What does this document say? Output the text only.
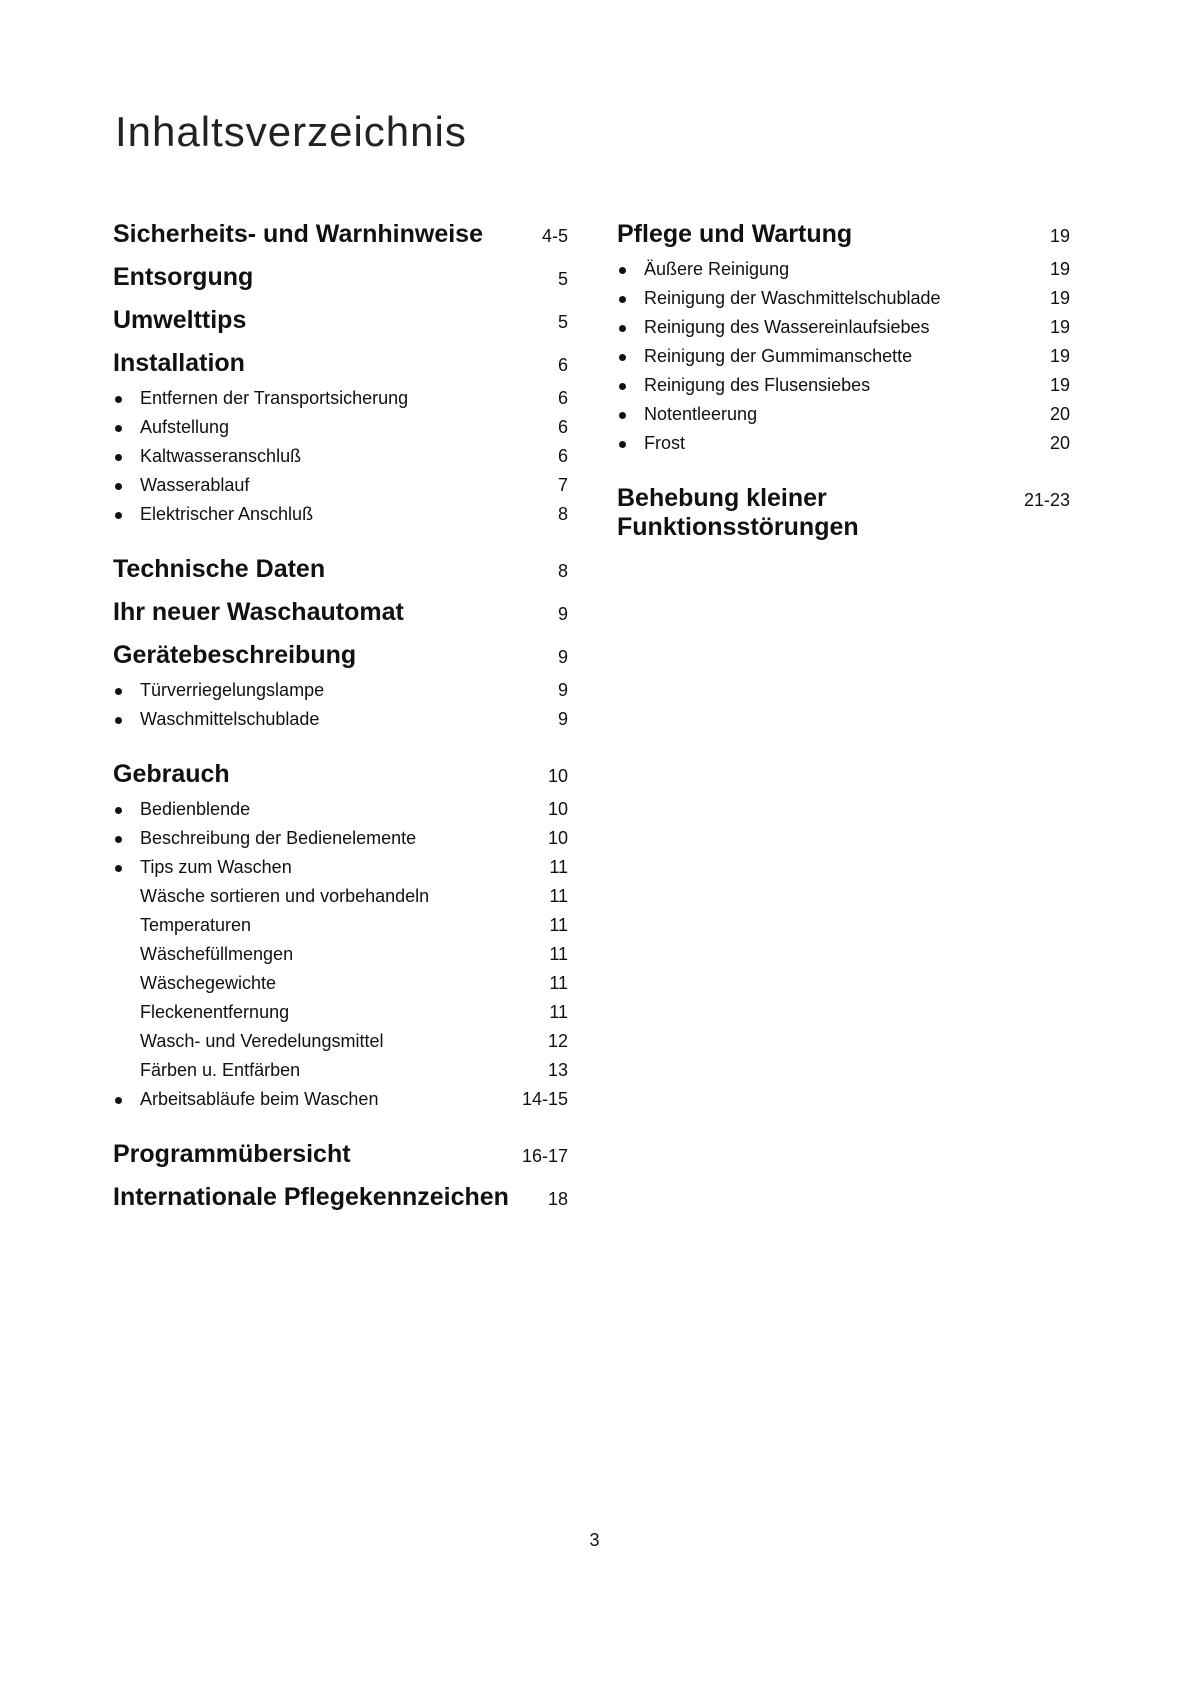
Inhaltsverzeichnis
Sicherheits- und Warnhinweise	4-5
Entsorgung	5
Umwelttips	5
Installation	6
Entfernen der Transportsicherung	6
Aufstellung	6
Kaltwasseranschluß	6
Wasserablauf	7
Elektrischer Anschluß	8
Technische Daten	8
Ihr neuer Waschautomat	9
Gerätebeschreibung	9
Türverriegelungslampe	9
Waschmittelschublade	9
Gebrauch	10
Bedienblende	10
Beschreibung der Bedienelemente	10
Tips zum Waschen	11
Wäsche sortieren und vorbehandeln	11
Temperaturen	11
Wäschefüllmengen	11
Wäschegewichte	11
Fleckenentfernung	11
Wasch- und Veredelungsmittel	12
Färben u. Entfärben	13
Arbeitsabläufe beim Waschen	14-15
Programmübersicht	16-17
Internationale Pflegekennzeichen 18
Pflege und Wartung	19
Äußere Reinigung	19
Reinigung der Waschmittelschublade	19
Reinigung des Wassereinlaufsiebes	19
Reinigung der Gummimanschette	19
Reinigung des Flusensiebes	19
Notentleerung	20
Frost	20
Behebung kleiner
Funktionsstörungen
21-23
3
